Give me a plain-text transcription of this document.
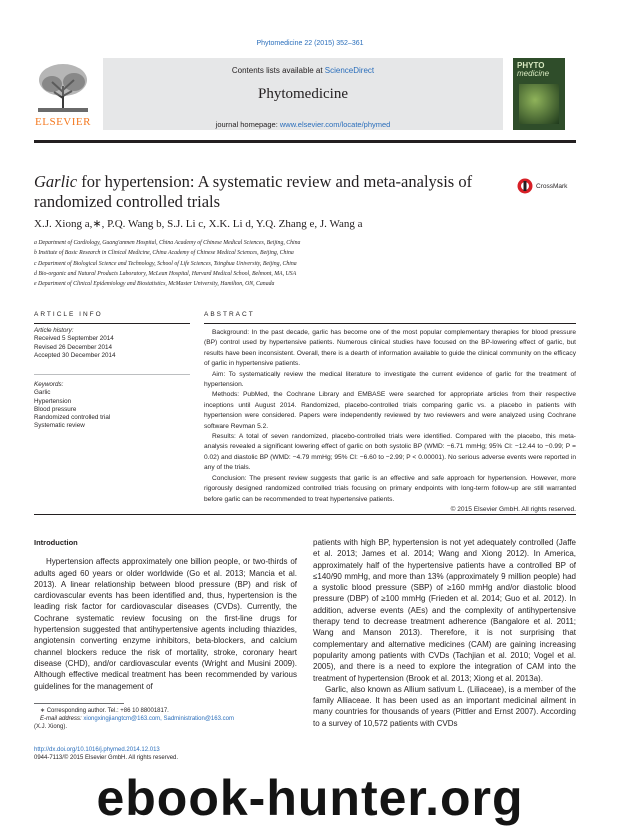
Phytomedicine 22 (2015) 352–361
ELSEVIER
Contents lists available at ScienceDirect
Phytomedicine
journal homepage: www.elsevier.com/locate/phymed
PHYTO
medicine
Garlic for hypertension: A systematic review and meta-analysis of randomized controlled trials
CrossMark
X.J. Xiong a,∗, P.Q. Wang b, S.J. Li c, X.K. Li d, Y.Q. Zhang e, J. Wang a
a Department of Cardiology, Guang'anmen Hospital, China Academy of Chinese Medical Sciences, Beijing, China
b Institute of Basic Research in Clinical Medicine, China Academy of Chinese Medical Sciences, Beijing, China
c Department of Biological Science and Technology, School of Life Sciences, Tsinghua University, Beijing, China
d Bio-organic and Natural Products Laboratory, McLean Hospital, Harvard Medical School, Belmont, MA, USA
e Department of Clinical Epidemiology and Biostatistics, McMaster University, Hamilton, ON, Canada
ARTICLE INFO
Article history:
Received 5 September 2014
Revised 26 December 2014
Accepted 30 December 2014
Keywords:
Garlic
Hypertension
Blood pressure
Randomized controlled trial
Systematic review
ABSTRACT

Background: In the past decade, garlic has become one of the most popular complementary therapies for blood pressure (BP) control used by hypertensive patients. Numerous clinical studies have focused on the BP-lowering effect of garlic, but results have been inconsistent. Overall, there is a dearth of information available to guide the clinical community on the efficacy of garlic in hypertensive patients.

Aim: To systematically review the medical literature to investigate the current evidence of garlic for the treatment of hypertension.

Methods: PubMed, the Cochrane Library and EMBASE were searched for appropriate articles from their respective inceptions until August 2014. Randomized, placebo-controlled trials comparing garlic vs. a placebo in patients with hypertension were considered. Papers were independently reviewed by two reviewers and were analyzed using Cochrane software Revman 5.2.

Results: A total of seven randomized, placebo-controlled trials were identified. Compared with the placebo, this meta-analysis revealed a significant lowering effect of garlic on both systolic BP (WMD: −6.71 mmHg; 95% CI: −12.44 to −0.99; P = 0.02) and diastolic BP (WMD: −4.79 mmHg; 95% CI: −6.60 to −2.99; P < 0.00001). No serious adverse events were reported in any of the trials.

Conclusion: The present review suggests that garlic is an effective and safe approach for hypertension. However, more rigorously designed randomized controlled trials focusing on primary endpoints with long-term follow-up are still warranted before garlic can be recommended to treat hypertensive patients.

© 2015 Elsevier GmbH. All rights reserved.

Introduction

Hypertension affects approximately one billion people, or two-thirds of adults aged 60 years or older worldwide (Go et al. 2013; Mancia et al. 2013). A linear relationship between blood pressure (BP) and risk of cardiovascular events has been identified and, thus, hypertension is the leading risk factor for cardiovascular diseases (CVDs). Currently, the Cochrane systematic review focusing on the first-line drugs for hypertension suggested that antihypertensive agents including thiazides, angiotensin converting enzyme inhibitors, beta-blockers, and calcium channel blockers reduce the risk of mortality, stroke, coronary heart disease (CHD), and/or cardiovascular events (Wright and Musini 2009). Although effective medical treatment has been recommended by various guidelines for the management of

patients with high BP, hypertension is not yet adequately controlled (Jaffe et al. 2013; James et al. 2014; Wang and Xiong 2012). In America, approximately half of the hypertensive patients have a controlled BP of ≤140/90 mmHg, and more than 13% (approximately 9 million people) had a systolic blood pressure (SBP) of ≥160 mmHg and/or diastolic blood pressure (DBP) of ≥100 mmHg (Frieden et al. 2014; Guo et al. 2012). In addition, adverse events (AEs) and the complexity of antihypertensive therapy tend to decrease treatment adherence (Bangalore et al. 2011; Wang and Manson 2013). Therefore, it is not surprising that complementary and alternative medicines (CAM) are gaining increasing popularity among patients with CVDs (Tachjian et al. 2010; Vogel et al. 2005), and there is a need to explore the integration of CAM into the treatment of hypertension (Brook et al. 2013; Xiong et al. 2013a).

Garlic, also known as Allium sativum L. (Liliaceae), is a member of the family Alliaceae. It has been used as an important medicinal ailment in many countries for thousands of years (Pittler and Ernst 2007). According to a survey of 10,572 patients with CVDs

∗ Corresponding author. Tel.: +86 10 88001817.
E-mail address: xiongxingjiangtcm@163.com, Sadministration@163.com
(X.J. Xiong).
http://dx.doi.org/10.1016/j.phymed.2014.12.013
0944-7113/© 2015 Elsevier GmbH. All rights reserved.
ebook-hunter.org
